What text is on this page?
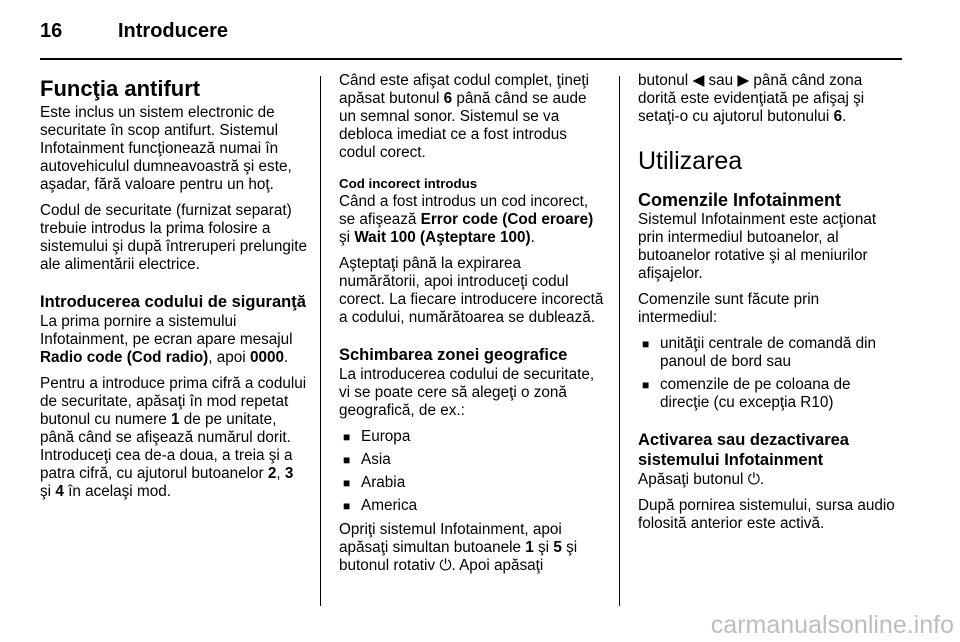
16	Introducere
Funcţia antifurt

Este inclus un sistem electronic de securitate în scop antifurt. Sistemul Infotainment funcţionează numai în autovehiculul dumneavoastră şi este, aşadar, fără valoare pentru un hoţ.

Codul de securitate (furnizat separat) trebuie introdus la prima folosire a sistemului şi după întreruperi prelungite ale alimentării electrice.

Introducerea codului de siguranţă

La prima pornire a sistemului Infotainment, pe ecran apare mesajul Radio code (Cod radio), apoi 0000.

Pentru a introduce prima cifră a codului de securitate, apăsaţi în mod repetat butonul cu numere 1 de pe unitate, până când se afişează numărul dorit. Introduceţi cea de-a doua, a treia şi a patra cifră, cu ajutorul butoanelor 2, 3 şi 4 în acelaşi mod.

Când este afişat codul complet, ţineţi apăsat butonul 6 până când se aude un semnal sonor. Sistemul se va debloca imediat ce a fost introdus codul corect.

Cod incorect introdus

Când a fost introdus un cod incorect, se afişează Error code (Cod eroare) şi Wait 100 (Aşteptare 100).

Aşteptaţi până la expirarea numărătorii, apoi introduceţi codul corect. La fiecare introducere incorectă a codului, numărătoarea se dublează.

Schimbarea zonei geografice

La introducerea codului de securitate, vi se poate cere să alegeţi o zonă geografică, de ex.:

■ Europa
■ Asia
■ Arabia
■ America

Opriţi sistemul Infotainment, apoi apăsaţi simultan butoanele 1 şi 5 şi butonul rotativ ⏻. Apoi apăsaţi

butonul ◀ sau ▶ până când zona dorită este evidenţiată pe afişaj şi setaţi-o cu ajutorul butonului 6.

Utilizarea
Comenzile Infotainment

Sistemul Infotainment este acţionat prin intermediul butoanelor, al butoanelor rotative şi al meniurilor afişajelor.

Comenzile sunt făcute prin intermediul:

■ unităţii centrale de comandă din panoul de bord sau
■ comenzile de pe coloana de direcţie (cu excepţia R10)
Activarea sau dezactivarea sistemului Infotainment

Apăsaţi butonul ⏻.

După pornirea sistemului, sursa audio folosită anterior este activă.

carmanualsonline.info
